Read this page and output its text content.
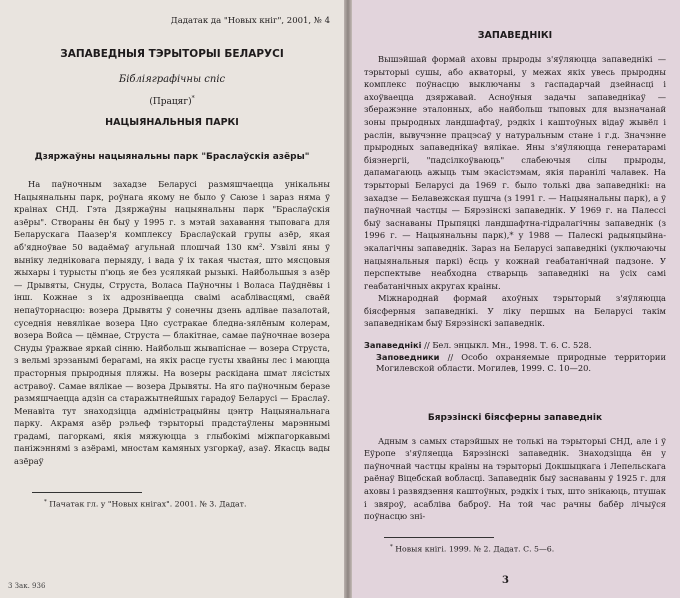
Дадатак да "Новых кніг", 2001, № 4
ЗАПАВЕДНЫЯ ТЭРЫТОРЫІ БЕЛАРУСІ
Бібліяграфічны спіс
(Працяг)*
НАЦЫЯНАЛЬНЫЯ ПАРКІ
Дзяржаўны нацыянальны парк "Браслаўскія азёры"

На паўночным захадзе Беларусі размяшчаецца унікальны Нацыянальны парк, роўнага якому не было ў Саюзе і зараз няма ў краінах СНД. Гэта Дзяржаўны нацыянальны парк "Браслаўскія азёры". Створаны ён быў у 1995 г. з мэтай захавання тыповага для Беларускага Паазер'я комплексу Браслаўскай групы азёр, якая аб'ядноўвае 50 вадаёмаў агульнай плошчай 130 км². Узвілі яны ў выніку ледніковага перыяду, і вада ў іх такая чыстая, што мясцовыя жыхары і турысты п'юць яе без усялякай рызыкі. Найбольшыя з азёр — Дрывяты, Снуды, Струста, Воласа Паўночны і Воласа Паўднёвы і інш. Кожнае з іх адрозніваецца сваімі асаблівасцямі, сваёй непаўторнасцю: возера Дрывяты ў сонечны дзень адлівае пазалотай, суседнія невялікае возера Цно сустракае бледна-зялёным колерам, возера Войса — цёмнае, Струста — блакітнае, самае паўночнае возера Снуды ўражвае яркай сінню. Найбольш жывапіснае — возера Струста, з вельмі зрэзанымі берагамі, на якіх расце густы хвайны лес і маюцца прасторныя прыродныя пляжы. На возеры раскідана шмат лясістых астравоў. Самае вялікае — возера Дрывяты. На яго паўночным беразе размяшчаецца адзін са старажытнейшых гарадоў Беларусі — Браслаў. Менавіта тут знаходзіцца адміністрацыйны цэнтр Нацыянальнага парку. Акрамя азёр рэльеф тэрыторыі прадстаўлены марэннымі градамі, пагоркамі, якія мяжуюцца з глыбокімі міжпагоркавымі паніжэннямі з азёрамі, мностам камяных узгоркаў, азаў. Якасць вады азёраў

* Пачатак гл. у "Новых кнігах". 2001. № 3. Дадат.
3 Зак. 936
ЗАПАВЕДНІКІ

Вышэйшай формай аховы прыроды з'яўляюцца запаведнікі — тэрыторыі сушы, або акваторыі, у межах якіх увесь прыродны комплекс поўнасцю выключаны з гаспадарчай дзейнасці і ахоўваецца дзяржавай. Асноўныя задачы запаведнікаў — зберажэнне эталонных, або найбольш тыповых для вызначанай зоны прыродных ландшафтаў, рэдкіх і каштоўных відаў жывёл і раслін, вывучэнне працэсаў у натуральным стане і г.д. Значэнне прыродных запаведнікаў вялікае. Яны з'яўляюцца генератарамі біяэнергіі, "падсілкоўваюць" слабеючыя сілы прыроды, дапамагаюць ажыць тым экасістэмам, якія паранілі чалавек. На тэрыторыі Беларусі да 1969 г. было толькі два запаведнікі: на захадзе — Белавежская пушча (з 1991 г. — Нацыянальны парк), а ў паўночнай частцы — Бярэзінскі запаведнік. У 1969 г. на Палессі быў заснаваны Прыпяцкі ландшафтна-гідралагічны запаведнік (з 1996 г. — Нацыянальны парк),* у 1988 — Палескі радыяцыйна-экалагічны запаведнік. Зараз на Беларусі запаведнікі (уключаючы нацыянальныя паркі) ёсць у кожнай геабатанічнай падзоне. У перспектыве неабходна стварыць запаведнікі на ўсіх самі геабатанічных акругах краіны.

Міжнароднай формай ахоўных тэрыторый з'яўляюцца біясферныя запаведнікі. У ліку першых на Беларусі такім запаведнікам быў Бярэзінскі запаведнік.

Запаведнікі // Бел. энцыкл. Мн., 1998. Т. 6. С. 528.
Заповедники // Особо охраняемые природные территории Могилевской области. Могилев, 1999. С. 10—20.
Бярэзінскі біясферны запаведнік

Адным з самых старэйшых не толькі на тэрыторыі СНД, але і ў Еўропе з'яўляецца Бярэзінскі запаведнік. Знаходзіцца ён у паўночнай частцы краіны на тэрыторыі Докшыцкага і Лепельскага раёнаў Віцебскай вобласці. Запаведнік быў заснаваны ў 1925 г. для аховы і развядзення каштоўных, рэдкіх і тых, што знікаюць, птушак і звяроў, асабліва баброў. На той час рачны бабёр лічыўся поўнасцю зні-

* Новыя кнігі. 1999. № 2. Дадат. С. 5—6.
3
